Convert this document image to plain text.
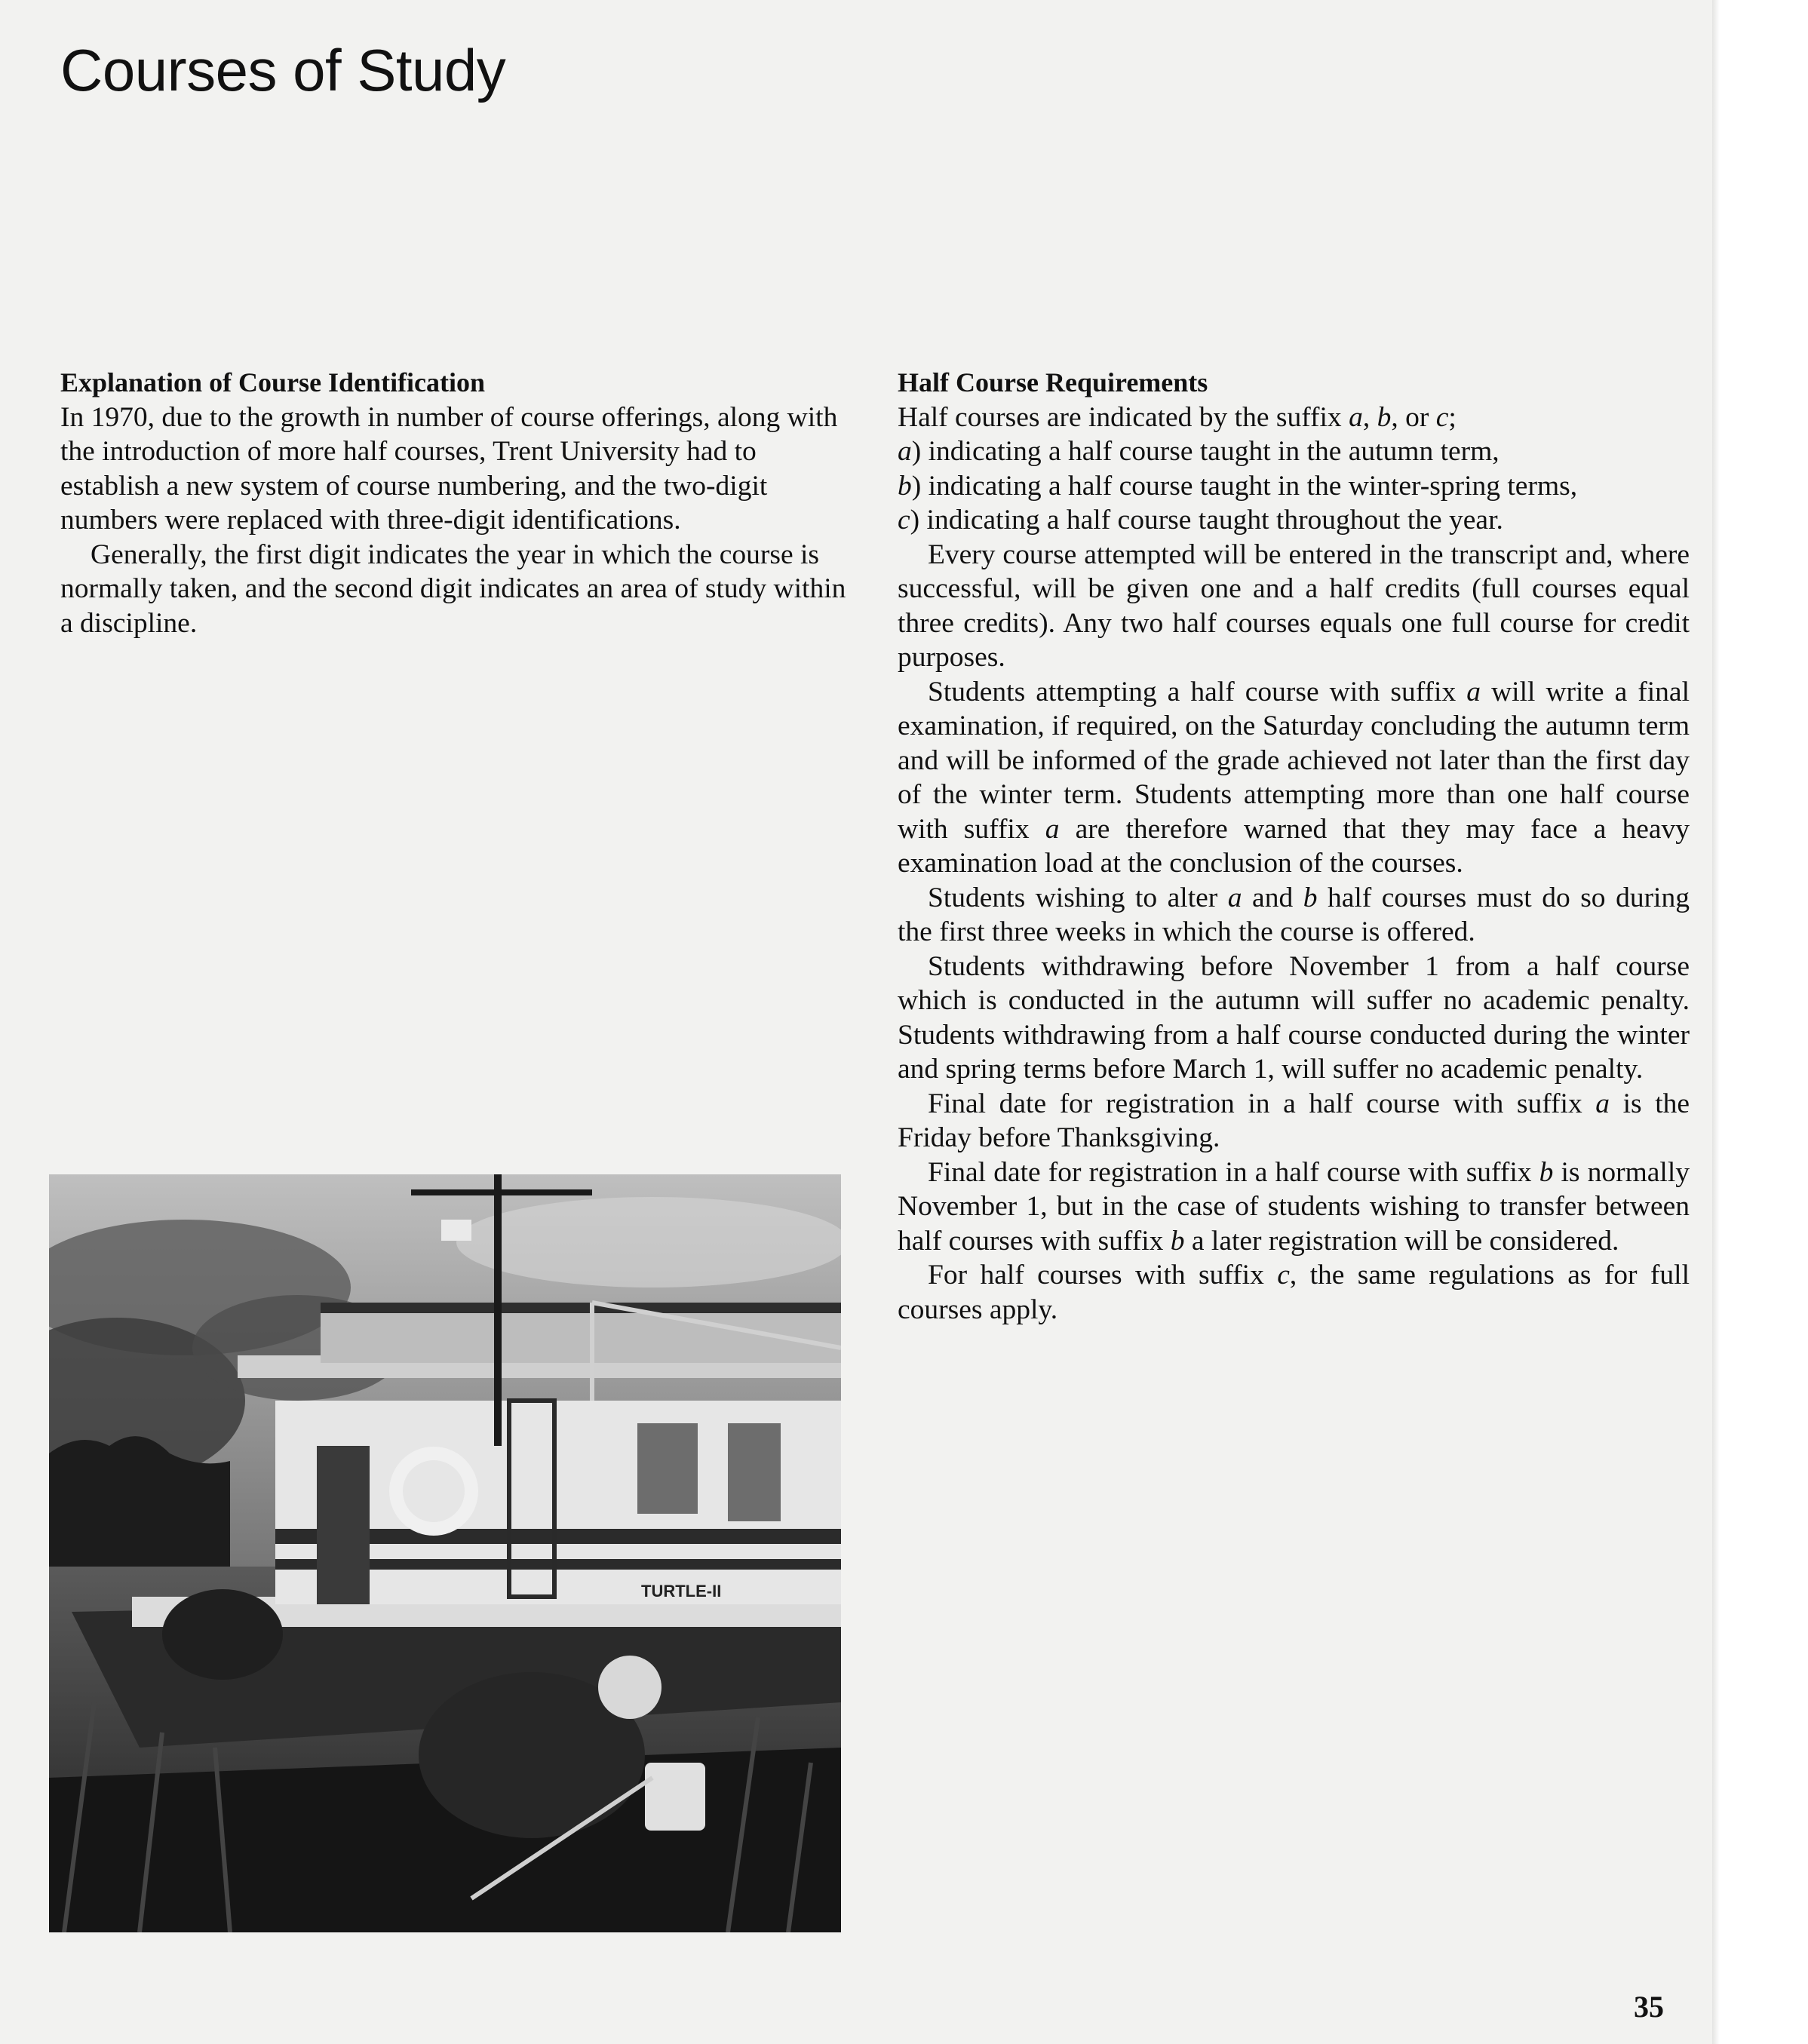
Courses of Study

Explanation of Course Identification

In 1970, due to the growth in number of course offerings, along with the introduction of more half courses, Trent University had to establish a new system of course numbering, and the two-digit numbers were replaced with three-digit identifications.

Generally, the first digit indicates the year in which the course is normally taken, and the second digit indicates an area of study within a discipline.

Half Course Requirements

Half courses are indicated by the suffix a, b, or c;

a) indicating a half course taught in the autumn term,

b) indicating a half course taught in the winter-spring terms,

c) indicating a half course taught throughout the year.

Every course attempted will be entered in the transcript and, where successful, will be given one and a half credits (full courses equal three credits). Any two half courses equals one full course for credit purposes.

Students attempting a half course with suffix a will write a final examination, if required, on the Saturday concluding the autumn term and will be informed of the grade achieved not later than the first day of the winter term. Students attempting more than one half course with suffix a are therefore warned that they may face a heavy examination load at the conclusion of the courses.

Students wishing to alter a and b half courses must do so during the first three weeks in which the course is offered.

Students withdrawing before November 1 from a half course which is conducted in the autumn will suffer no academic penalty. Students withdrawing from a half course conducted during the winter and spring terms before March 1, will suffer no academic penalty.

Final date for registration in a half course with suffix a is the Friday before Thanksgiving.

Final date for registration in a half course with suffix b is normally November 1, but in the case of students wishing to transfer between half courses with suffix b a later registration will be considered.

For half courses with suffix c, the same regulations as for full courses apply.

TURTLE-II
35
